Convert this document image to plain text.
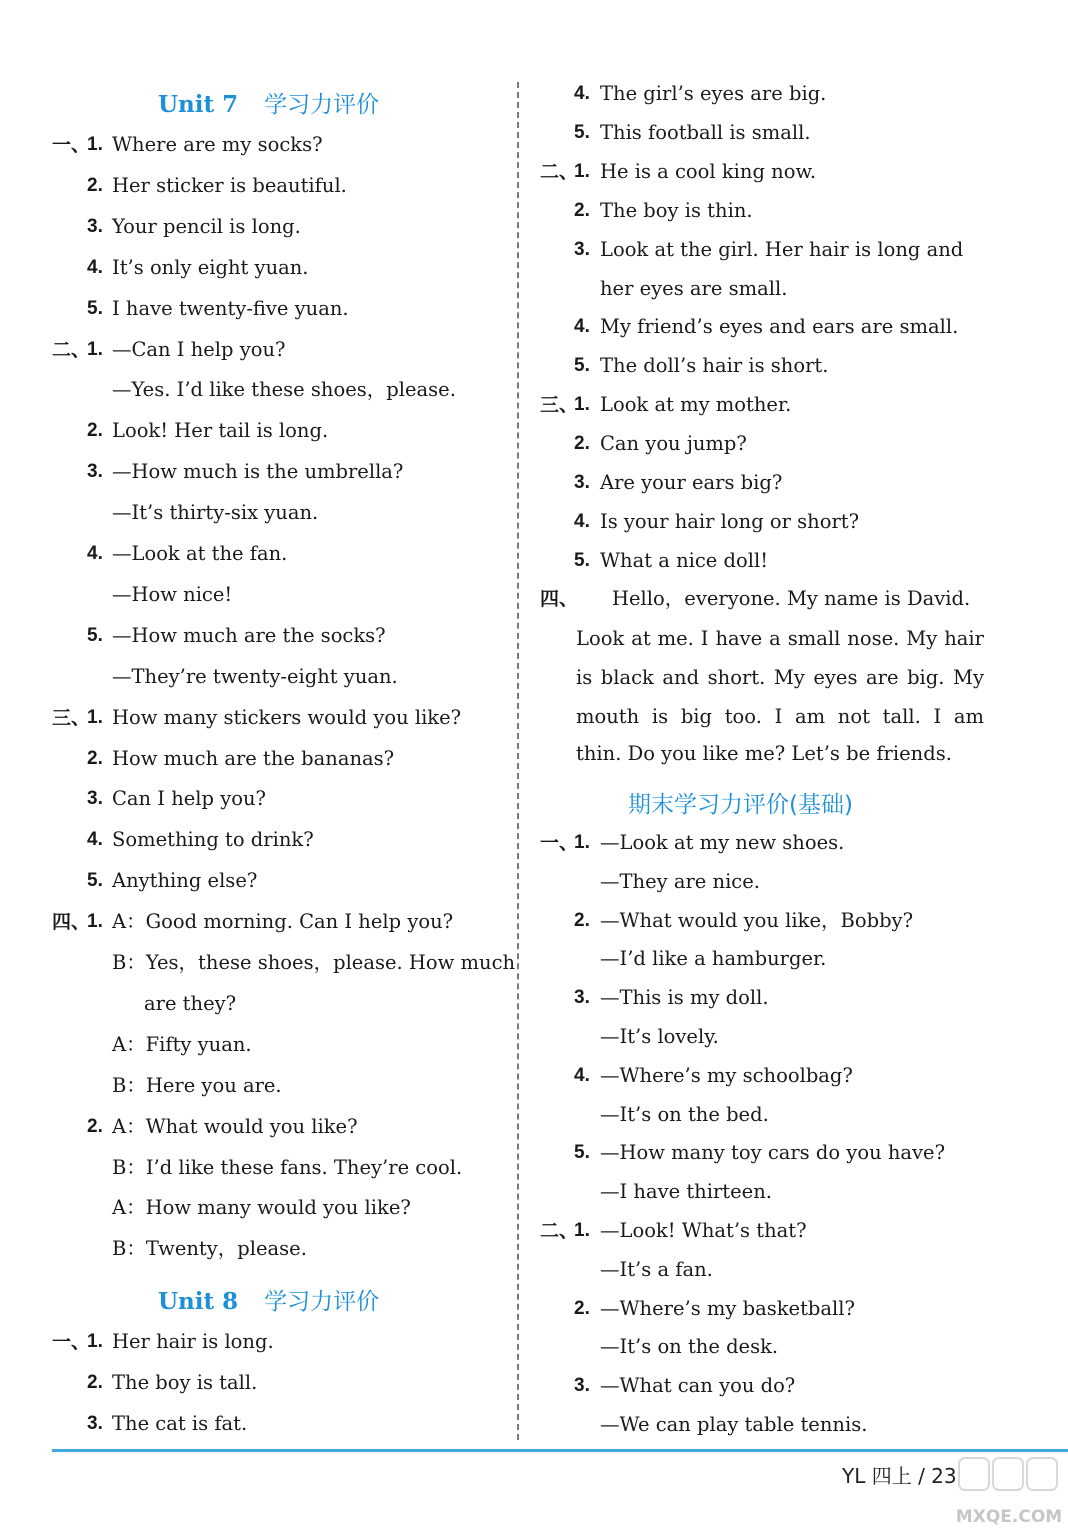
Unit 7 学习力评价
一、
1. Where are my socks?
2. Her sticker is beautiful.
3. Your pencil is long.
4. It’s only eight yuan.
5. I have twenty-five yuan.
二、
1. —Can I help you?
—Yes. I’d like these shoes，please.
2. Look! Her tail is long.
3. —How much is the umbrella?
—It’s thirty-six yuan.
4. —Look at the fan.
—How nice!
5. —How much are the socks?
—They’re twenty-eight yuan.
三、
1. How many stickers would you like?
2. How much are the bananas?
3. Can I help you?
4. Something to drink?
5. Anything else?
四、
1. A：Good morning. Can I help you?
B：Yes，these shoes，please. How much
are they?
A：Fifty yuan.
B：Here you are.
2. A：What would you like?
B：I’d like these fans. They’re cool.
A：How many would you like?
B：Twenty，please.
Unit 8 学习力评价
一、
1. Her hair is long.
2. The boy is tall.
3. The cat is fat.
4. The girl’s eyes are big.
5. This football is small.
二、
1. He is a cool king now.
2. The boy is thin.
3. Look at the girl. Her hair is long and
her eyes are small.
4. My friend’s eyes and ears are small.
5. The doll’s hair is short.
三、
1. Look at my mother.
2. Can you jump?
3. Are your ears big?
4. Is your hair long or short?
5. What a nice doll!
四、 Hello，everyone. My name is David.
Look at me. I have a small nose. My hair
is black and short. My eyes are big. My
mouth is big too. I am not tall. I am
thin. Do you like me? Let’s be friends.
期末学习力评价(基础)
一、
1. —Look at my new shoes.
—They are nice.
2. —What would you like，Bobby?
—I’d like a hamburger.
3. —This is my doll.
—It’s lovely.
4. —Where’s my schoolbag?
—It’s on the bed.
5. —How many toy cars do you have?
—I have thirteen.
二、
1. —Look! What’s that?
—It’s a fan.
2. —Where’s my basketball?
—It’s on the desk.
3. —What can you do?
—We can play table tennis.
YL 四上 / 23
MXQE.COM
